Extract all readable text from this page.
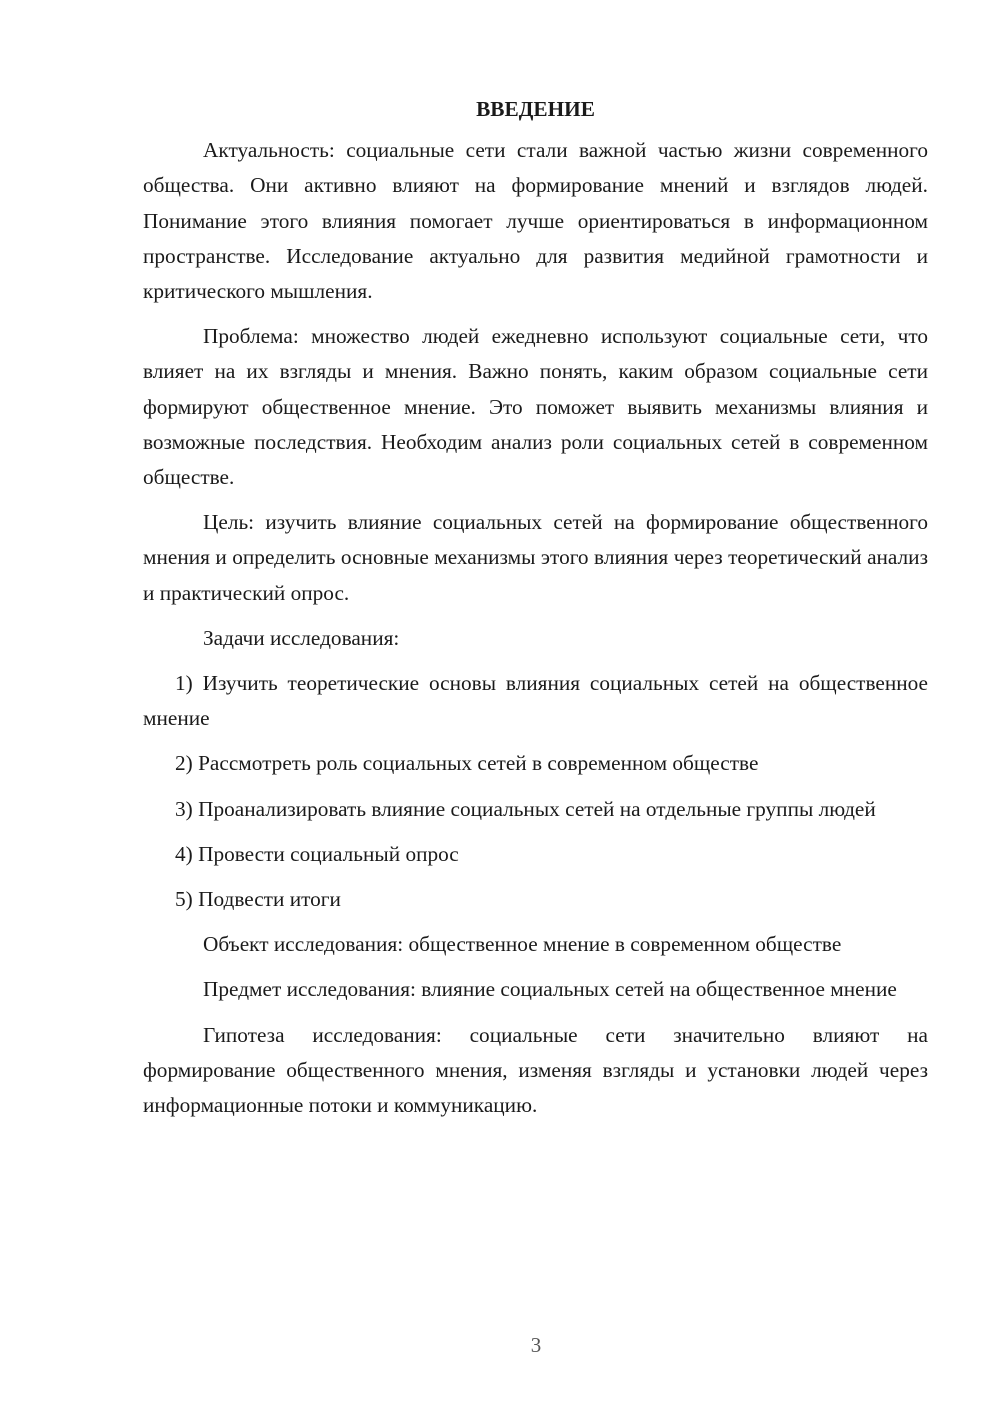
ВВЕДЕНИЕ

Актуальность: социальные сети стали важной частью жизни современного общества. Они активно влияют на формирование мнений и взглядов людей. Понимание этого влияния помогает лучше ориентироваться в информационном пространстве. Исследование актуально для развития медийной грамотности и критического мышления.

Проблема: множество людей ежедневно используют социальные сети, что влияет на их взгляды и мнения. Важно понять, каким образом социальные сети формируют общественное мнение. Это поможет выявить механизмы влияния и возможные последствия. Необходим анализ роли социальных сетей в современном обществе.

Цель: изучить влияние социальных сетей на формирование общественного мнения и определить основные механизмы этого влияния через теоретический анализ и практический опрос.

Задачи исследования:

1) Изучить теоретические основы влияния социальных сетей на общественное мнение

2) Рассмотреть роль социальных сетей в современном обществе

3) Проанализировать влияние социальных сетей на отдельные группы людей

4) Провести социальный опрос

5) Подвести итоги

Объект исследования: общественное мнение в современном обществе

Предмет исследования: влияние социальных сетей на общественное мнение

Гипотеза исследования: социальные сети значительно влияют на формирование общественного мнения, изменяя взгляды и установки людей через информационные потоки и коммуникацию.

3
